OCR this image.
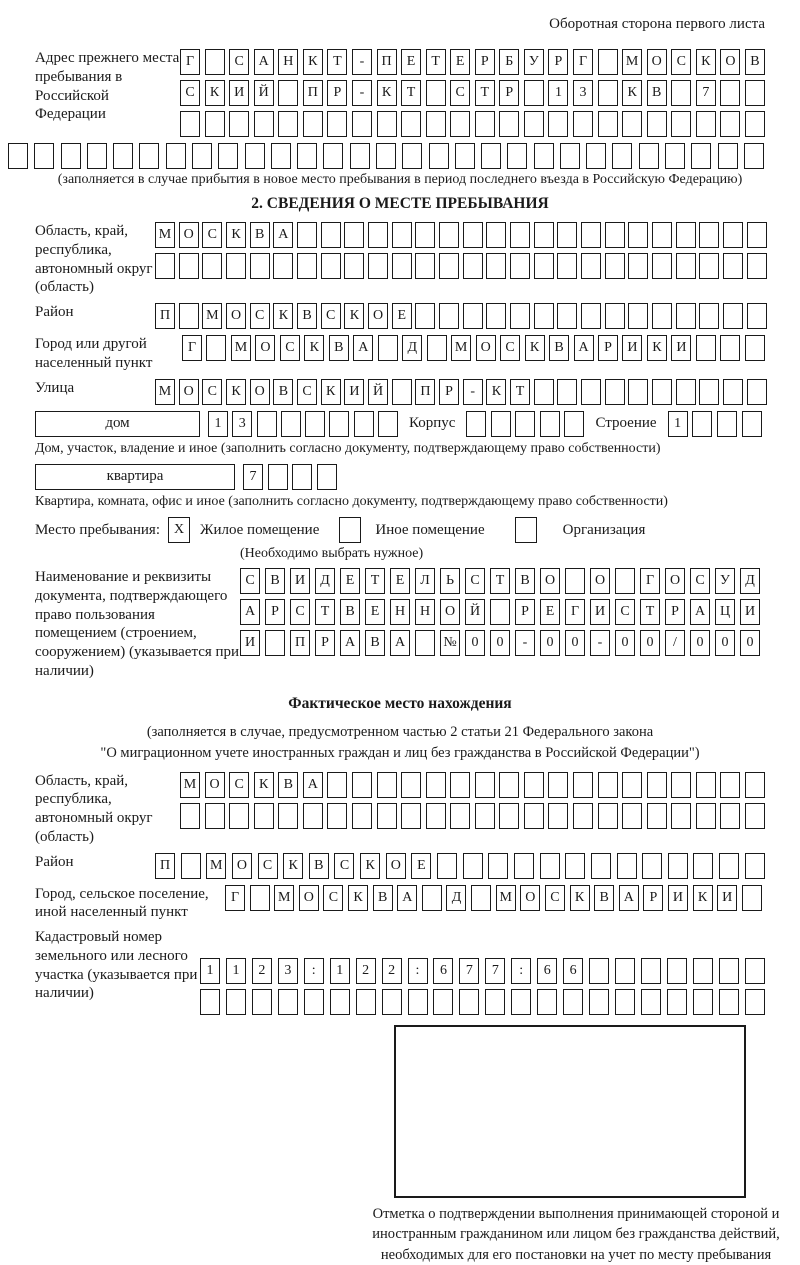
Оборотная сторона первого листа
Адрес прежнего места пребывания в Российской Федерации
Г	С	А	Н	К	Т	-	П	Е	Т	Е	Р	Б	У	Р	Г	М О	С	К	О	В
С	К	И	Й	П	Р	-	К	Т	С	Т	Р	1	3	К	В	7
(заполняется в случае прибытия в новое место пребывания в период последнего въезда в Российскую Федерацию)
2. СВЕДЕНИЯ О МЕСТЕ ПРЕБЫВАНИЯ
Область, край, республика, автономный округ (область)
М О С	К	В А
Район	П	М О С	К	В	С	К О	Е
Город или другой населенный пункт
Г	М О	С	К	В	А	Д	М О	С	К	В	А	Р	И	К	И
Улица	М О С	К О В	С	К И Й	П	Р	-	К	Т
дом	1	3	Корпус	Строение	1
Дом, участок, владение и иное (заполнить согласно документу, подтверждающему право собственности)
квартира	7
Квартира, комната, офис и иное (заполнить согласно документу, подтверждающему право собственности)
Место пребывания: X	Жилое помещение	Иное помещение	Организация
(Необходимо выбрать нужное)
Наименование и реквизиты документа, подтверждающего право пользования помещением (строением, сооружением) (указывается при наличии)
С	В	И	Д	Е	Т	Е	Л	Ь	С	Т	В	О	О	Г	О	С	У	Д
А	Р	С	Т	В	Е	Н	Н	О	Й	Р	Е	Г	И	С	Т	Р	А	Ц	И
И	П	Р	А	В	А	№	0	0	-	0	0	-	0	0	/	0	0	0
Фактическое место нахождения
(заполняется в случае, предусмотренном частью 2 статьи 21 Федерального закона
"О миграционном учете иностранных граждан и лиц без гражданства в Российской Федерации")
Область, край, республика, автономный округ (область)
М О	С	К	В	А
Район	П	М	О	С	К	В	С	К	О	Е
Город, сельское поселение, иной населенный пункт
Г	М О	С	К	В	А	Д	М О	С	К	В	А	Р	И	К	И
Кадастровый номер земельного или лесного участка (указывается при наличии)
1	1	2	3	:	1	2	2	:	6	7	7	:	6	6
Отметка о подтверждении выполнения принимающей стороной и иностранным гражданином или лицом без гражданства действий, необходимых для его постановки на учет по месту пребывания
